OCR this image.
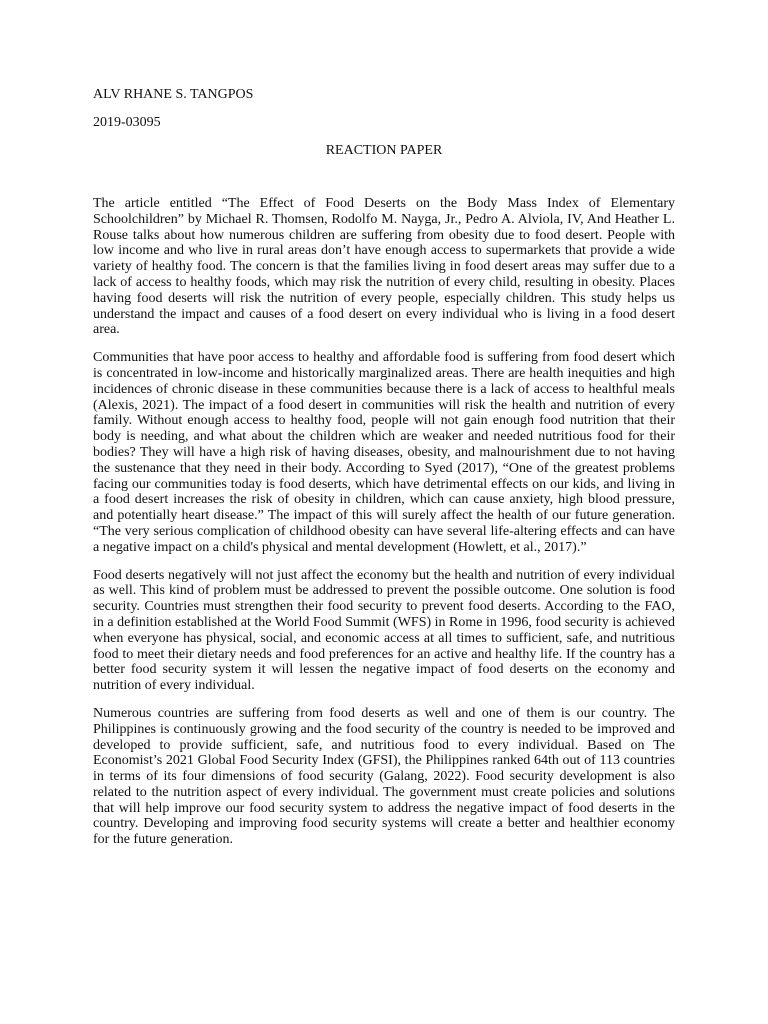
ALV RHANE S. TANGPOS
2019-03095
REACTION PAPER

The article entitled “The Effect of Food Deserts on the Body Mass Index of Elementary Schoolchildren” by Michael R. Thomsen, Rodolfo M. Nayga, Jr., Pedro A. Alviola, IV, And Heather L. Rouse talks about how numerous children are suffering from obesity due to food desert. People with low income and who live in rural areas don’t have enough access to supermarkets that provide a wide variety of healthy food. The concern is that the families living in food desert areas may suffer due to a lack of access to healthy foods, which may risk the nutrition of every child, resulting in obesity. Places having food deserts will risk the nutrition of every people, especially children. This study helps us understand the impact and causes of a food desert on every individual who is living in a food desert area.

Communities that have poor access to healthy and affordable food is suffering from food desert which is concentrated in low-income and historically marginalized areas. There are health inequities and high incidences of chronic disease in these communities because there is a lack of access to healthful meals (Alexis, 2021). The impact of a food desert in communities will risk the health and nutrition of every family. Without enough access to healthy food, people will not gain enough food nutrition that their body is needing, and what about the children which are weaker and needed nutritious food for their bodies? They will have a high risk of having diseases, obesity, and malnourishment due to not having the sustenance that they need in their body. According to Syed (2017), “One of the greatest problems facing our communities today is food deserts, which have detrimental effects on our kids, and living in a food desert increases the risk of obesity in children, which can cause anxiety, high blood pressure, and potentially heart disease.” The impact of this will surely affect the health of our future generation. “The very serious complication of childhood obesity can have several life-altering effects and can have a negative impact on a child's physical and mental development (Howlett, et al., 2017).”

Food deserts negatively will not just affect the economy but the health and nutrition of every individual as well. This kind of problem must be addressed to prevent the possible outcome. One solution is food security. Countries must strengthen their food security to prevent food deserts. According to the FAO, in a definition established at the World Food Summit (WFS) in Rome in 1996, food security is achieved when everyone has physical, social, and economic access at all times to sufficient, safe, and nutritious food to meet their dietary needs and food preferences for an active and healthy life. If the country has a better food security system it will lessen the negative impact of food deserts on the economy and nutrition of every individual.

Numerous countries are suffering from food deserts as well and one of them is our country. The Philippines is continuously growing and the food security of the country is needed to be improved and developed to provide sufficient, safe, and nutritious food to every individual. Based on The Economist’s 2021 Global Food Security Index (GFSI), the Philippines ranked 64th out of 113 countries in terms of its four dimensions of food security (Galang, 2022). Food security development is also related to the nutrition aspect of every individual. The government must create policies and solutions that will help improve our food security system to address the negative impact of food deserts in the country. Developing and improving food security systems will create a better and healthier economy for the future generation.
